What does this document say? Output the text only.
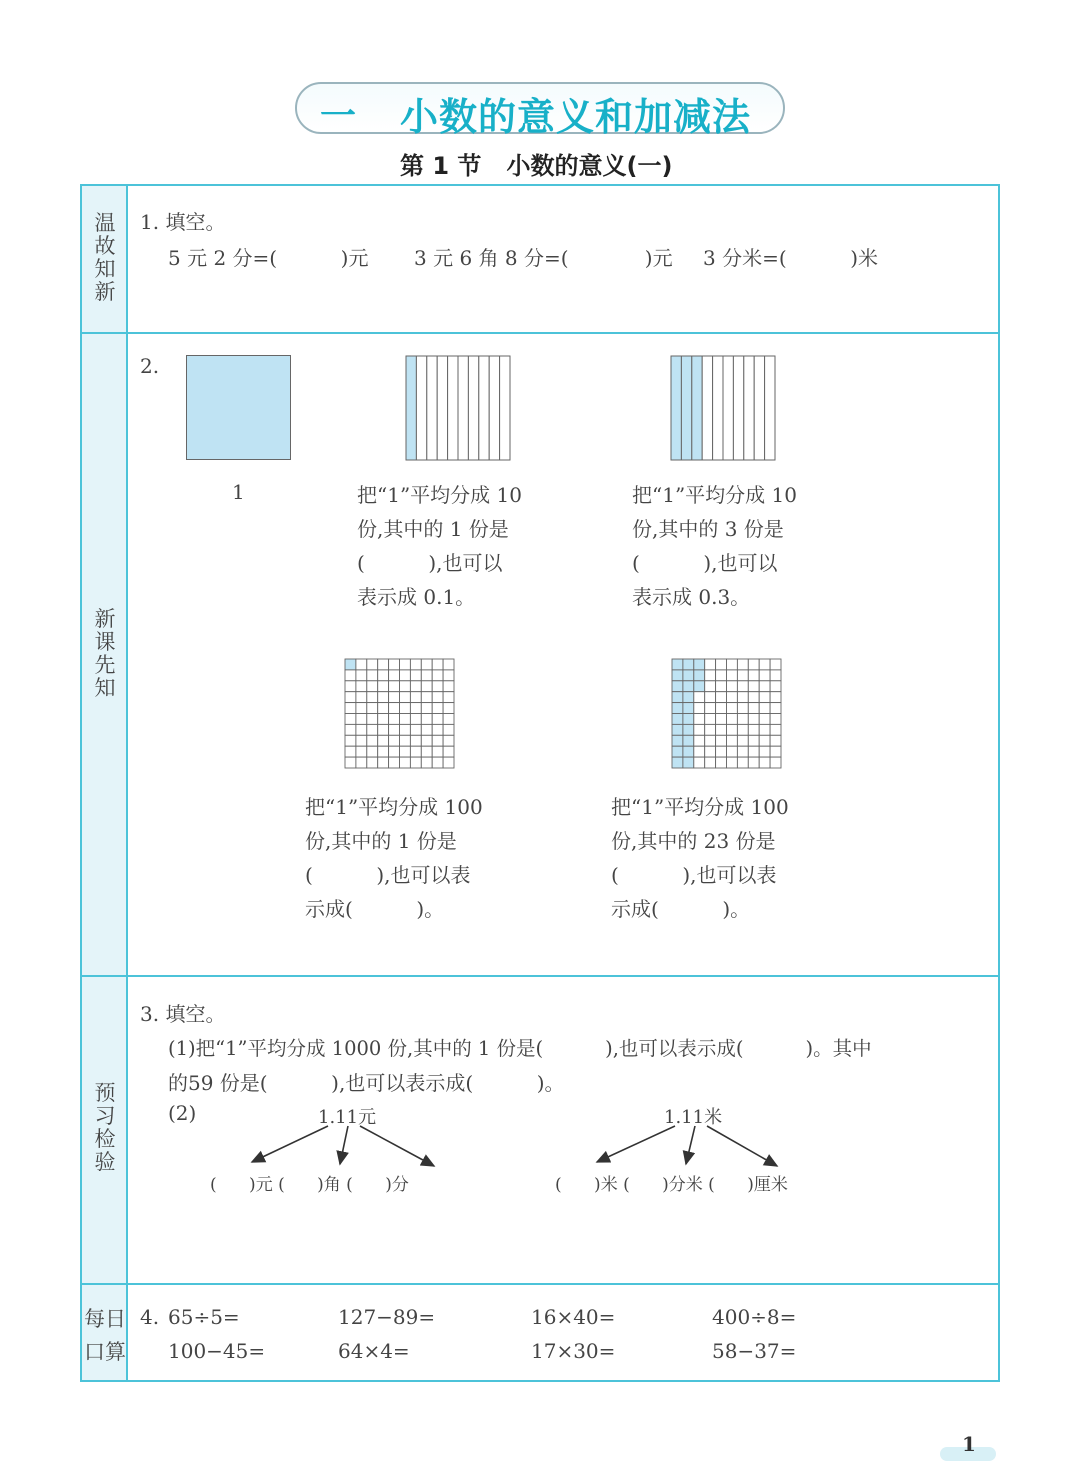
一 小数的意义和加减法
第 1 节   小数的意义(一)
温
故
知
新
新
课
先
知
预
习
检
验
每日
口算
1. 填空。
5 元 2 分=(          )元 3 元 6 角 8 分=(            )元 3 分米=(          )米
2.
1	把“1”平均分成 10
份,其中的 1 份是
(          ),也可以
表示成 0.1。
把“1”平均分成 10
份,其中的 3 份是
(          ),也可以
表示成 0.3。
把“1”平均分成 100
份,其中的 1 份是
(          ),也可以表
示成(          )。
把“1”平均分成 100
份,其中的 23 份是
(          ),也可以表
示成(          )。
3. 填空。
(1)把“1”平均分成 1000 份,其中的 1 份是(          ),也可以表示成(          )。其中
的59 份是(          ),也可以表示成(          )。
(2)	1.11元
(      )元 (      )角 (      )分
1.11米
(      )米 (      )分米 (      )厘米
4. 65÷5=	127−89=	16×40=	400÷8=
100−45=	64×4=	17×30=	58−37=
1
